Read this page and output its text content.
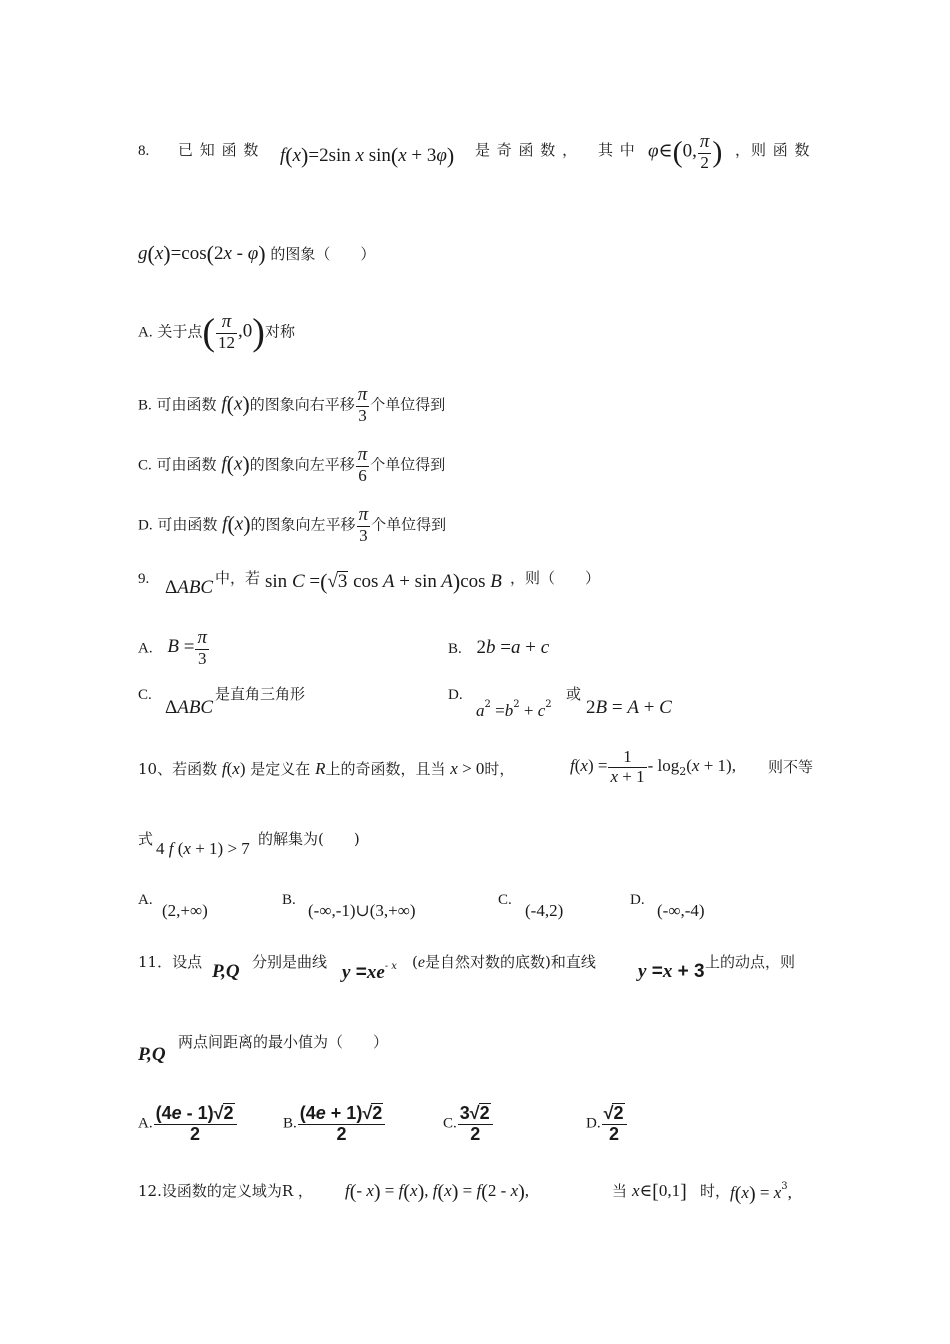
8. 已 知 函 数 f(x)=2sin x sin(x + 3φ) 是 奇 函 数 ， 其 中 φ∈(0, $\frac{\pi}{2}$ ) ，则 函 数
g(x)=cos(2x - φ) 的图象（　　）
A. 关于点( $\frac{\pi}{12} ,0$)对称
B. 可由函数 f(x)的图象向右平移 $\frac{\pi}{3}$ 个单位得到
C. 可由函数 f(x)的图象向左平移 $\frac{\pi}{6}$ 个单位得到
D. 可由函数 f(x)的图象向左平移 $\frac{\pi}{3}$ 个单位得到
9. ΔABC 中，若 sin C =(√3 cos A + sin A)cos B ，则（　　）
A. $B = \frac{\pi}{3}$	B. 2b =a + c
C.
ΔABC
是直角三角形	D.
$a^2 =b^2 + c^2$
或
2B = A + C
10、若函数 f(x) 是定义在 R上的奇函数，且当 x > 0时，	$f(x) = \frac{1}{x + 1} - \log_2(x + 1)$, 则不等
式 4 f (x + 1) > 7 的解集为(　　)
A.
(2,+∞)
B.
(-∞,-1)∪(3,+∞)
C.
(-4,2)
D.
(-∞,-4)
11．设点 P,Q 分别是曲线 $y =xe^{- x}$ (e是自然对数的底数)和直线 y =x + 3 上的动点，则
P,Q
两点间距离的最小值为（　　）
A. $\frac{(4e - 1)√2}{2}$	B. $\frac{(4e + 1)√2}{2}$	C. $\frac{3√2}{2}$	D. $\frac{√2}{2}$
12.设函数的定义域为R ， f(- x) = f(x), f(x) = f(2 - x),	当 x∈[0,1] 时， $f(x) = x^3$,
